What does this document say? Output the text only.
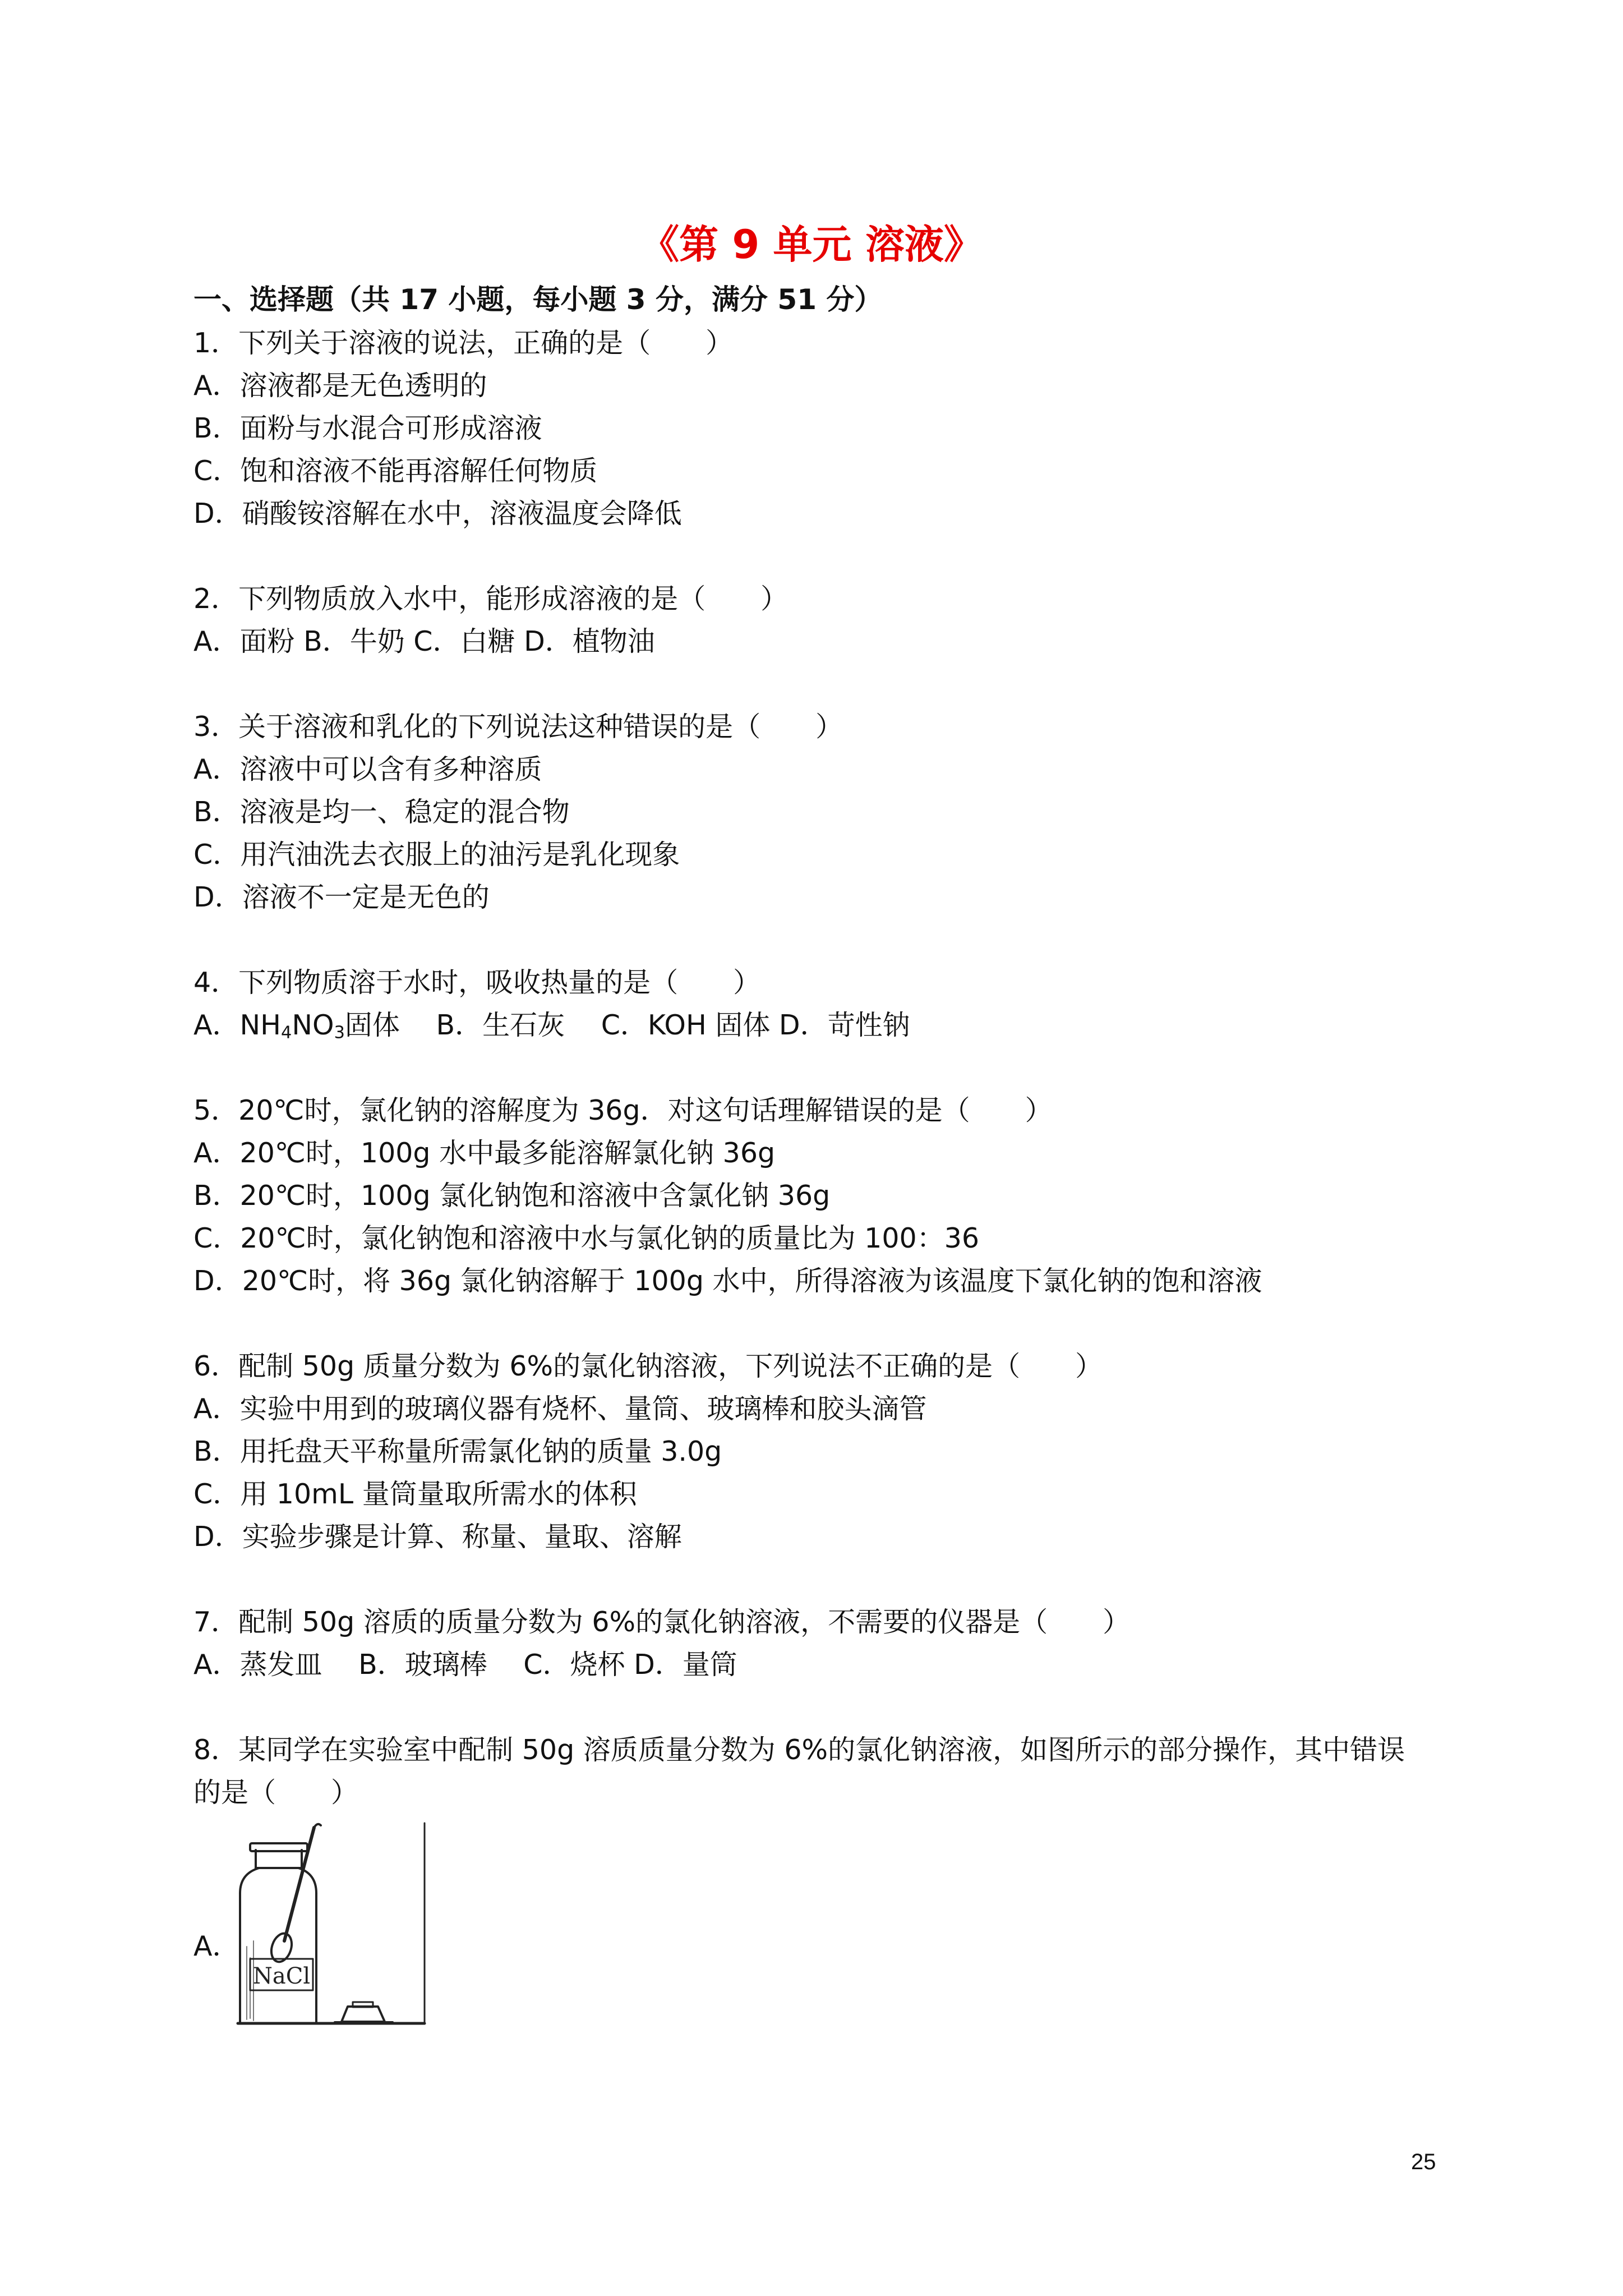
《第 9 单元 溶液》
一、选择题（共 17 小题，每小题 3 分，满分 51 分）
1．下列关于溶液的说法，正确的是（　　）
A．溶液都是无色透明的
B．面粉与水混合可形成溶液
C．饱和溶液不能再溶解任何物质
D．硝酸铵溶解在水中，溶液温度会降低
2．下列物质放入水中，能形成溶液的是（　　）
A．面粉 B．牛奶 C．白糖 D．植物油
3．关于溶液和乳化的下列说法这种错误的是（　　）
A．溶液中可以含有多种溶质
B．溶液是均一、稳定的混合物
C．用汽油洗去衣服上的油污是乳化现象
D．溶液不一定是无色的
4．下列物质溶于水时，吸收热量的是（　　）
A．$NH_4NO_3$固体　 B．生石灰　 C．KOH 固体 D．苛性钠
5．20℃时，氯化钠的溶解度为 36g．对这句话理解错误的是（　　）
A．20℃时，100g 水中最多能溶解氯化钠 36g
B．20℃时，100g 氯化钠饱和溶液中含氯化钠 36g
C．20℃时，氯化钠饱和溶液中水与氯化钠的质量比为 100：36
D．20℃时，将 36g 氯化钠溶解于 100g 水中，所得溶液为该温度下氯化钠的饱和溶液
6．配制 50g 质量分数为 6%的氯化钠溶液，下列说法不正确的是（　　）
A．实验中用到的玻璃仪器有烧杯、量筒、玻璃棒和胶头滴管
B．用托盘天平称量所需氯化钠的质量 3.0g
C．用 10mL 量筒量取所需水的体积
D．实验步骤是计算、称量、量取、溶解
7．配制 50g 溶质的质量分数为 6%的氯化钠溶液，不需要的仪器是（　　）
A．蒸发皿　 B．玻璃棒　 C．烧杯 D．量筒
8．某同学在实验室中配制 50g 溶质质量分数为 6%的氯化钠溶液，如图所示的部分操作，其中错误
的是（　　）
A．
NaCl
25
